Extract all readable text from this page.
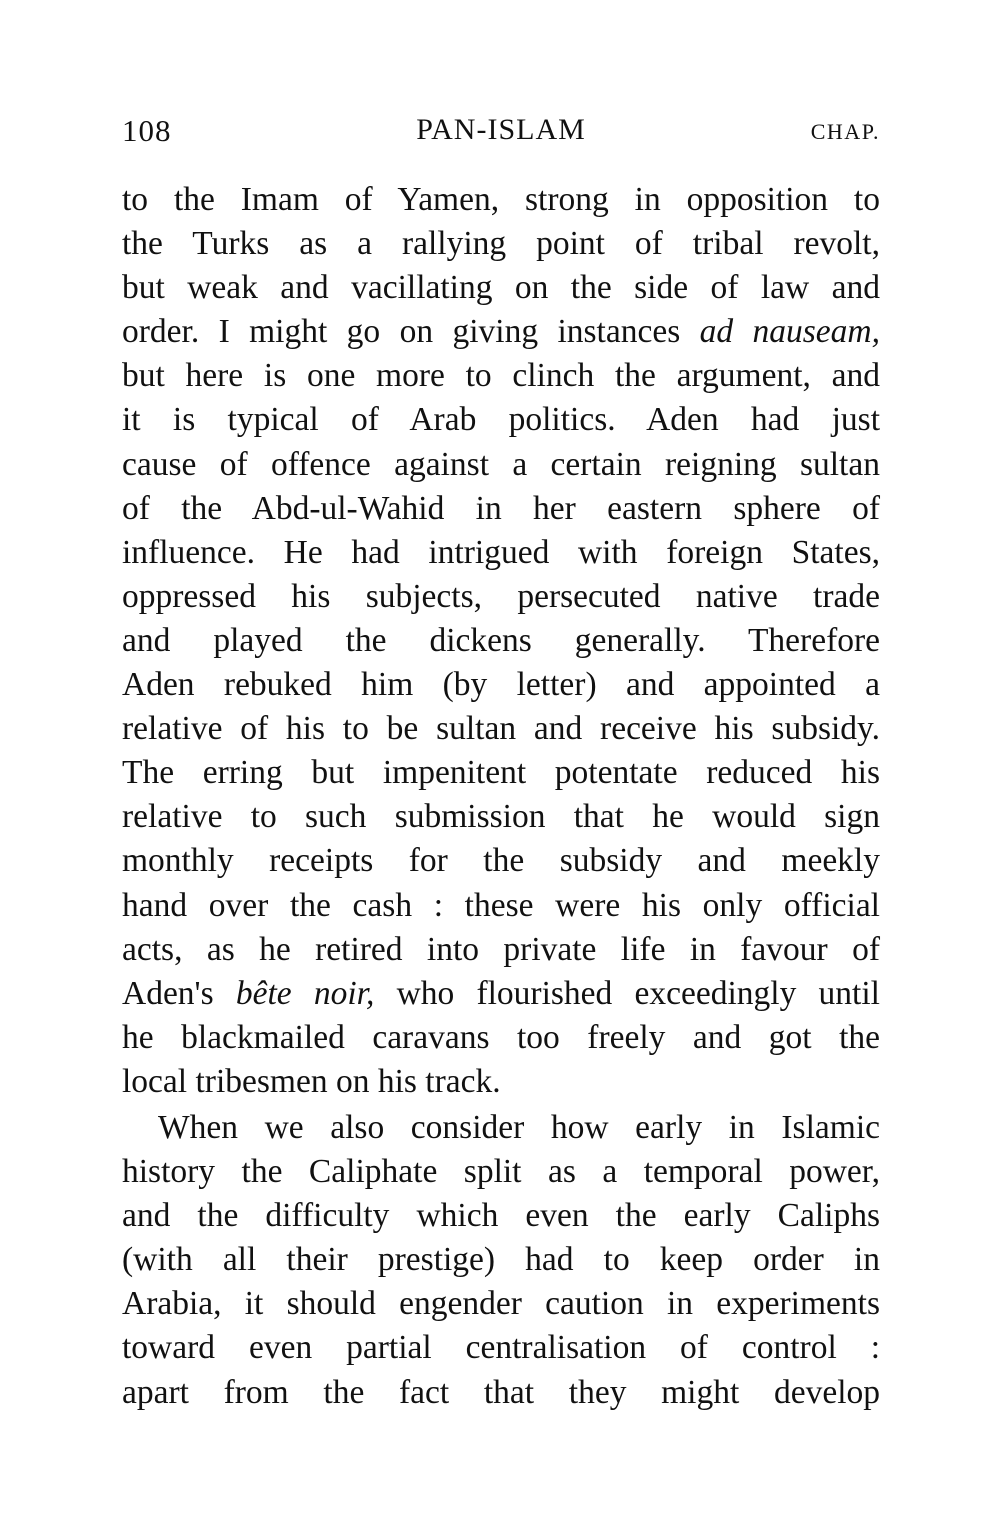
108	PAN-ISLAM	CHAP.
to the Imam of Yamen, strong in opposition to
the Turks as a rallying point of tribal revolt,
but weak and vacillating on the side of law and
order. I might go on giving instances ad nauseam,
but here is one more to clinch the argument, and
it is typical of Arab politics. Aden had just
cause of offence against a certain reigning sultan
of the Abd-ul-Wahid in her eastern sphere of
influence. He had intrigued with foreign States,
oppressed his subjects, persecuted native trade
and played the dickens generally. Therefore
Aden rebuked him (by letter) and appointed a
relative of his to be sultan and receive his subsidy.
The erring but impenitent potentate reduced his
relative to such submission that he would sign
monthly receipts for the subsidy and meekly
hand over the cash : these were his only official
acts, as he retired into private life in favour of
Aden's bête noir, who flourished exceedingly until
he blackmailed caravans too freely and got the
local tribesmen on his track.
When we also consider how early in Islamic
history the Caliphate split as a temporal power,
and the difficulty which even the early Caliphs
(with all their prestige) had to keep order in
Arabia, it should engender caution in experiments
toward even partial centralisation of control :
apart from the fact that they might develop
